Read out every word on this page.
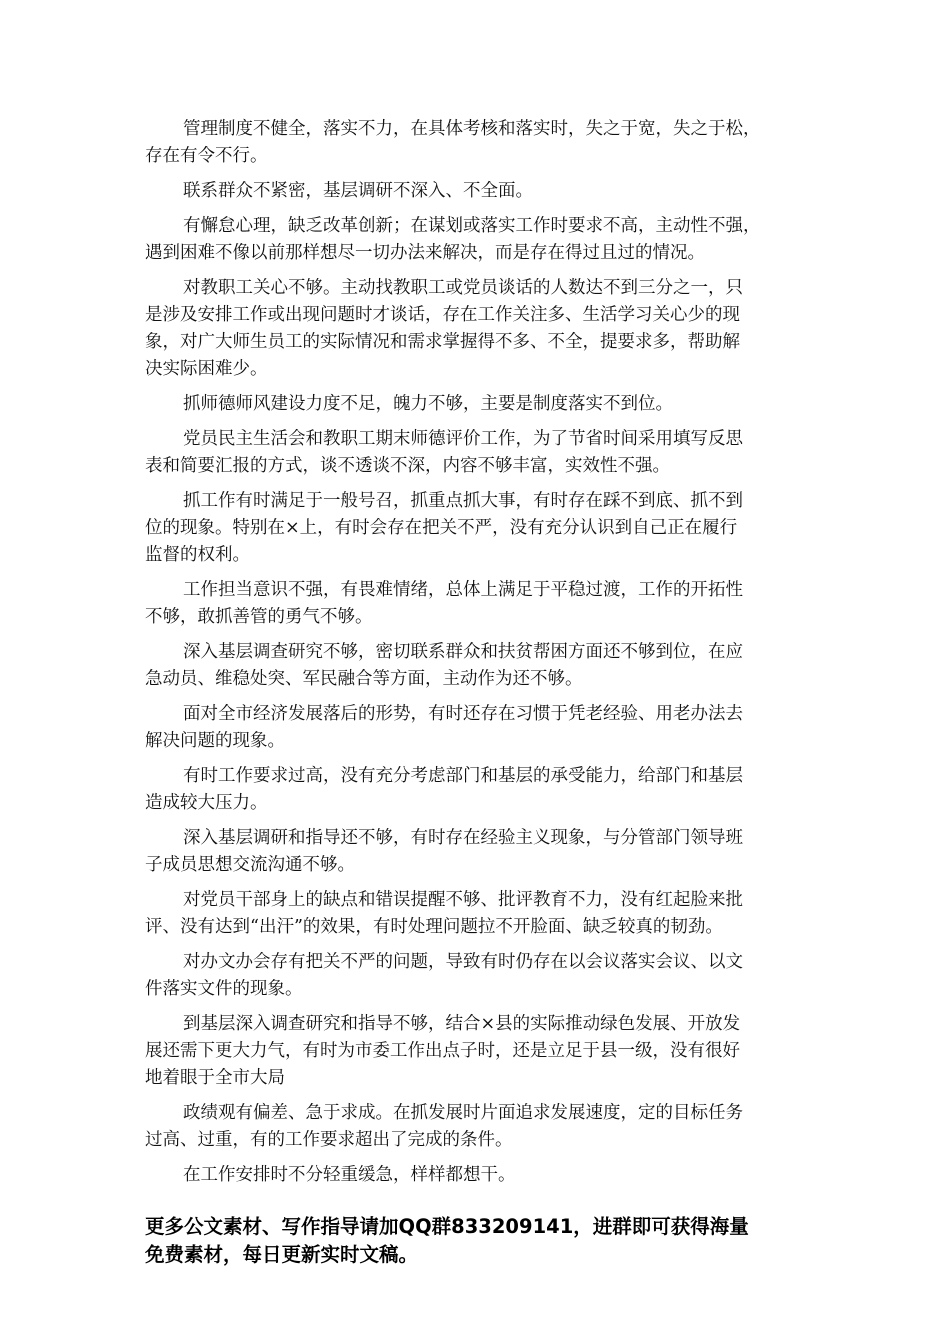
管理制度不健全，落实不力，在具体考核和落实时，失之于宽，失之于松，
存在有令不行。

联系群众不紧密，基层调研不深入、不全面。

有懈怠心理，缺乏改革创新；在谋划或落实工作时要求不高，主动性不强，
遇到困难不像以前那样想尽一切办法来解决，而是存在得过且过的情况。

对教职工关心不够。主动找教职工或党员谈话的人数达不到三分之一，只
是涉及安排工作或出现问题时才谈话，存在工作关注多、生活学习关心少的现
象，对广大师生员工的实际情况和需求掌握得不多、不全，提要求多，帮助解
决实际困难少。

抓师德师风建设力度不足，魄力不够，主要是制度落实不到位。

党员民主生活会和教职工期末师德评价工作，为了节省时间采用填写反思
表和简要汇报的方式，谈不透谈不深，内容不够丰富，实效性不强。

抓工作有时满足于一般号召，抓重点抓大事，有时存在踩不到底、抓不到
位的现象。特别在×上，有时会存在把关不严，没有充分认识到自己正在履行
监督的权利。

工作担当意识不强，有畏难情绪，总体上满足于平稳过渡，工作的开拓性
不够，敢抓善管的勇气不够。

深入基层调查研究不够，密切联系群众和扶贫帮困方面还不够到位，在应
急动员、维稳处突、军民融合等方面，主动作为还不够。

面对全市经济发展落后的形势，有时还存在习惯于凭老经验、用老办法去
解决问题的现象。

有时工作要求过高，没有充分考虑部门和基层的承受能力，给部门和基层
造成较大压力。

深入基层调研和指导还不够，有时存在经验主义现象，与分管部门领导班
子成员思想交流沟通不够。

对党员干部身上的缺点和错误提醒不够、批评教育不力，没有红起脸来批
评、没有达到“出汗”的效果，有时处理问题拉不开脸面、缺乏较真的韧劲。

对办文办会存有把关不严的问题，导致有时仍存在以会议落实会议、以文
件落实文件的现象。

到基层深入调查研究和指导不够，结合×县的实际推动绿色发展、开放发
展还需下更大力气，有时为市委工作出点子时，还是立足于县一级，没有很好
地着眼于全市大局

政绩观有偏差、急于求成。在抓发展时片面追求发展速度，定的目标任务
过高、过重，有的工作要求超出了完成的条件。

在工作安排时不分轻重缓急，样样都想干。

更多公文素材、写作指导请加QQ群833209141，进群即可获得海量
免费素材，每日更新实时文稿。
